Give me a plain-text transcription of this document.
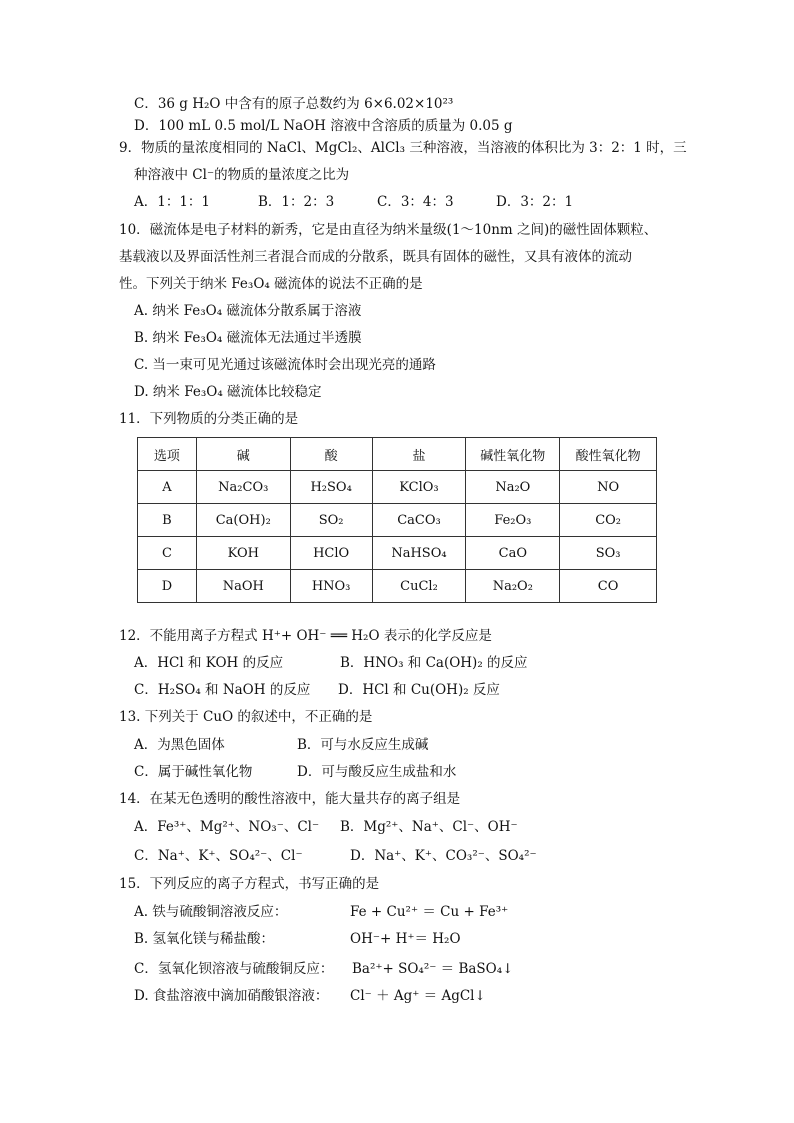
C．36 g H₂O 中含有的原子总数约为 6×6.02×10²³
D．100 mL 0.5 mol/L NaOH 溶液中含溶质的质量为 0.05 g
9．物质的量浓度相同的 NaCl、MgCl₂、AlCl₃ 三种溶液，当溶液的体积比为 3：2：1 时，三
种溶液中 Cl⁻的物质的量浓度之比为
A．1：1：1	B．1：2：3	C．3：4：3	D．3：2：1
10．磁流体是电子材料的新秀，它是由直径为纳米量级(1～10nm 之间)的磁性固体颗粒、
基载液以及界面活性剂三者混合而成的分散系，既具有固体的磁性，又具有液体的流动
性。下列关于纳米 Fe₃O₄ 磁流体的说法不正确的是
A. 纳米 Fe₃O₄ 磁流体分散系属于溶液
B. 纳米 Fe₃O₄ 磁流体无法通过半透膜
C. 当一束可见光通过该磁流体时会出现光亮的通路
D. 纳米 Fe₃O₄ 磁流体比较稳定
11．下列物质的分类正确的是
选项	碱	酸	盐	碱性氧化物	酸性氧化物
A	Na₂CO₃	H₂SO₄	KClO₃	Na₂O	NO
B	Ca(OH)₂	SO₂	CaCO₃	Fe₂O₃	CO₂
C	KOH	HClO	NaHSO₄	CaO	SO₃
D	NaOH	HNO₃	CuCl₂	Na₂O₂	CO
12．不能用离子方程式 H⁺+ OH⁻ ══ H₂O 表示的化学反应是
A．HCl 和 KOH 的反应	B．HNO₃ 和 Ca(OH)₂ 的反应
C．H₂SO₄ 和 NaOH 的反应 D．HCl 和 Cu(OH)₂ 反应
13. 下列关于 CuO 的叙述中，不正确的是
A．为黑色固体	B．可与水反应生成碱
C．属于碱性氧化物	D．可与酸反应生成盐和水
14．在某无色透明的酸性溶液中，能大量共存的离子组是
A．Fe³⁺、Mg²⁺、NO₃⁻、Cl⁻ B．Mg²⁺、Na⁺、Cl⁻、OH⁻
C．Na⁺、K⁺、SO₄²⁻、Cl⁻	D．Na⁺、K⁺、CO₃²⁻、SO₄²⁻
15．下列反应的离子方程式，书写正确的是
A. 铁与硫酸铜溶液反应：	Fe + Cu²⁺ ＝ Cu + Fe³⁺
B. 氢氧化镁与稀盐酸：	OH⁻+ H⁺＝ H₂O
C．氢氧化钡溶液与硫酸铜反应： Ba²⁺+ SO₄²⁻ ＝ BaSO₄↓
D. 食盐溶液中滴加硝酸银溶液： Cl⁻ ＋ Ag⁺ ＝ AgCl↓
